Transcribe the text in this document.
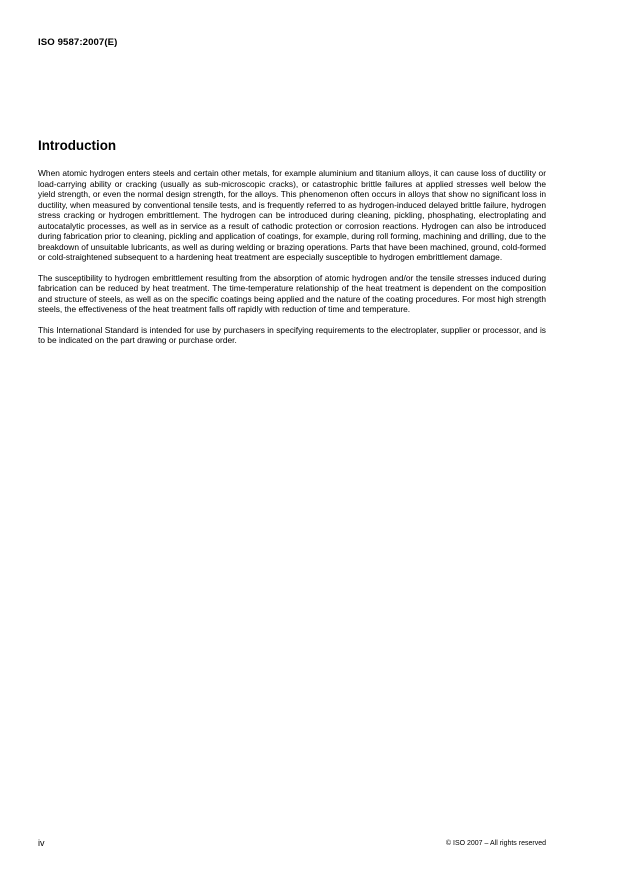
ISO 9587:2007(E)
Introduction

When atomic hydrogen enters steels and certain other metals, for example aluminium and titanium alloys, it can cause loss of ductility or load-carrying ability or cracking (usually as sub-microscopic cracks), or catastrophic brittle failures at applied stresses well below the yield strength, or even the normal design strength, for the alloys. This phenomenon often occurs in alloys that show no significant loss in ductility, when measured by conventional tensile tests, and is frequently referred to as hydrogen-induced delayed brittle failure, hydrogen stress cracking or hydrogen embrittlement. The hydrogen can be introduced during cleaning, pickling, phosphating, electroplating and autocatalytic processes, as well as in service as a result of cathodic protection or corrosion reactions. Hydrogen can also be introduced during fabrication prior to cleaning, pickling and application of coatings, for example, during roll forming, machining and drilling, due to the breakdown of unsuitable lubricants, as well as during welding or brazing operations. Parts that have been machined, ground, cold-formed or cold-straightened subsequent to a hardening heat treatment are especially susceptible to hydrogen embrittlement damage.

The susceptibility to hydrogen embrittlement resulting from the absorption of atomic hydrogen and/or the tensile stresses induced during fabrication can be reduced by heat treatment. The time-temperature relationship of the heat treatment is dependent on the composition and structure of steels, as well as on the specific coatings being applied and the nature of the coating procedures. For most high strength steels, the effectiveness of the heat treatment falls off rapidly with reduction of time and temperature.

This International Standard is intended for use by purchasers in specifying requirements to the electroplater, supplier or processor, and is to be indicated on the part drawing or purchase order.

iv	© ISO 2007 – All rights reserved
